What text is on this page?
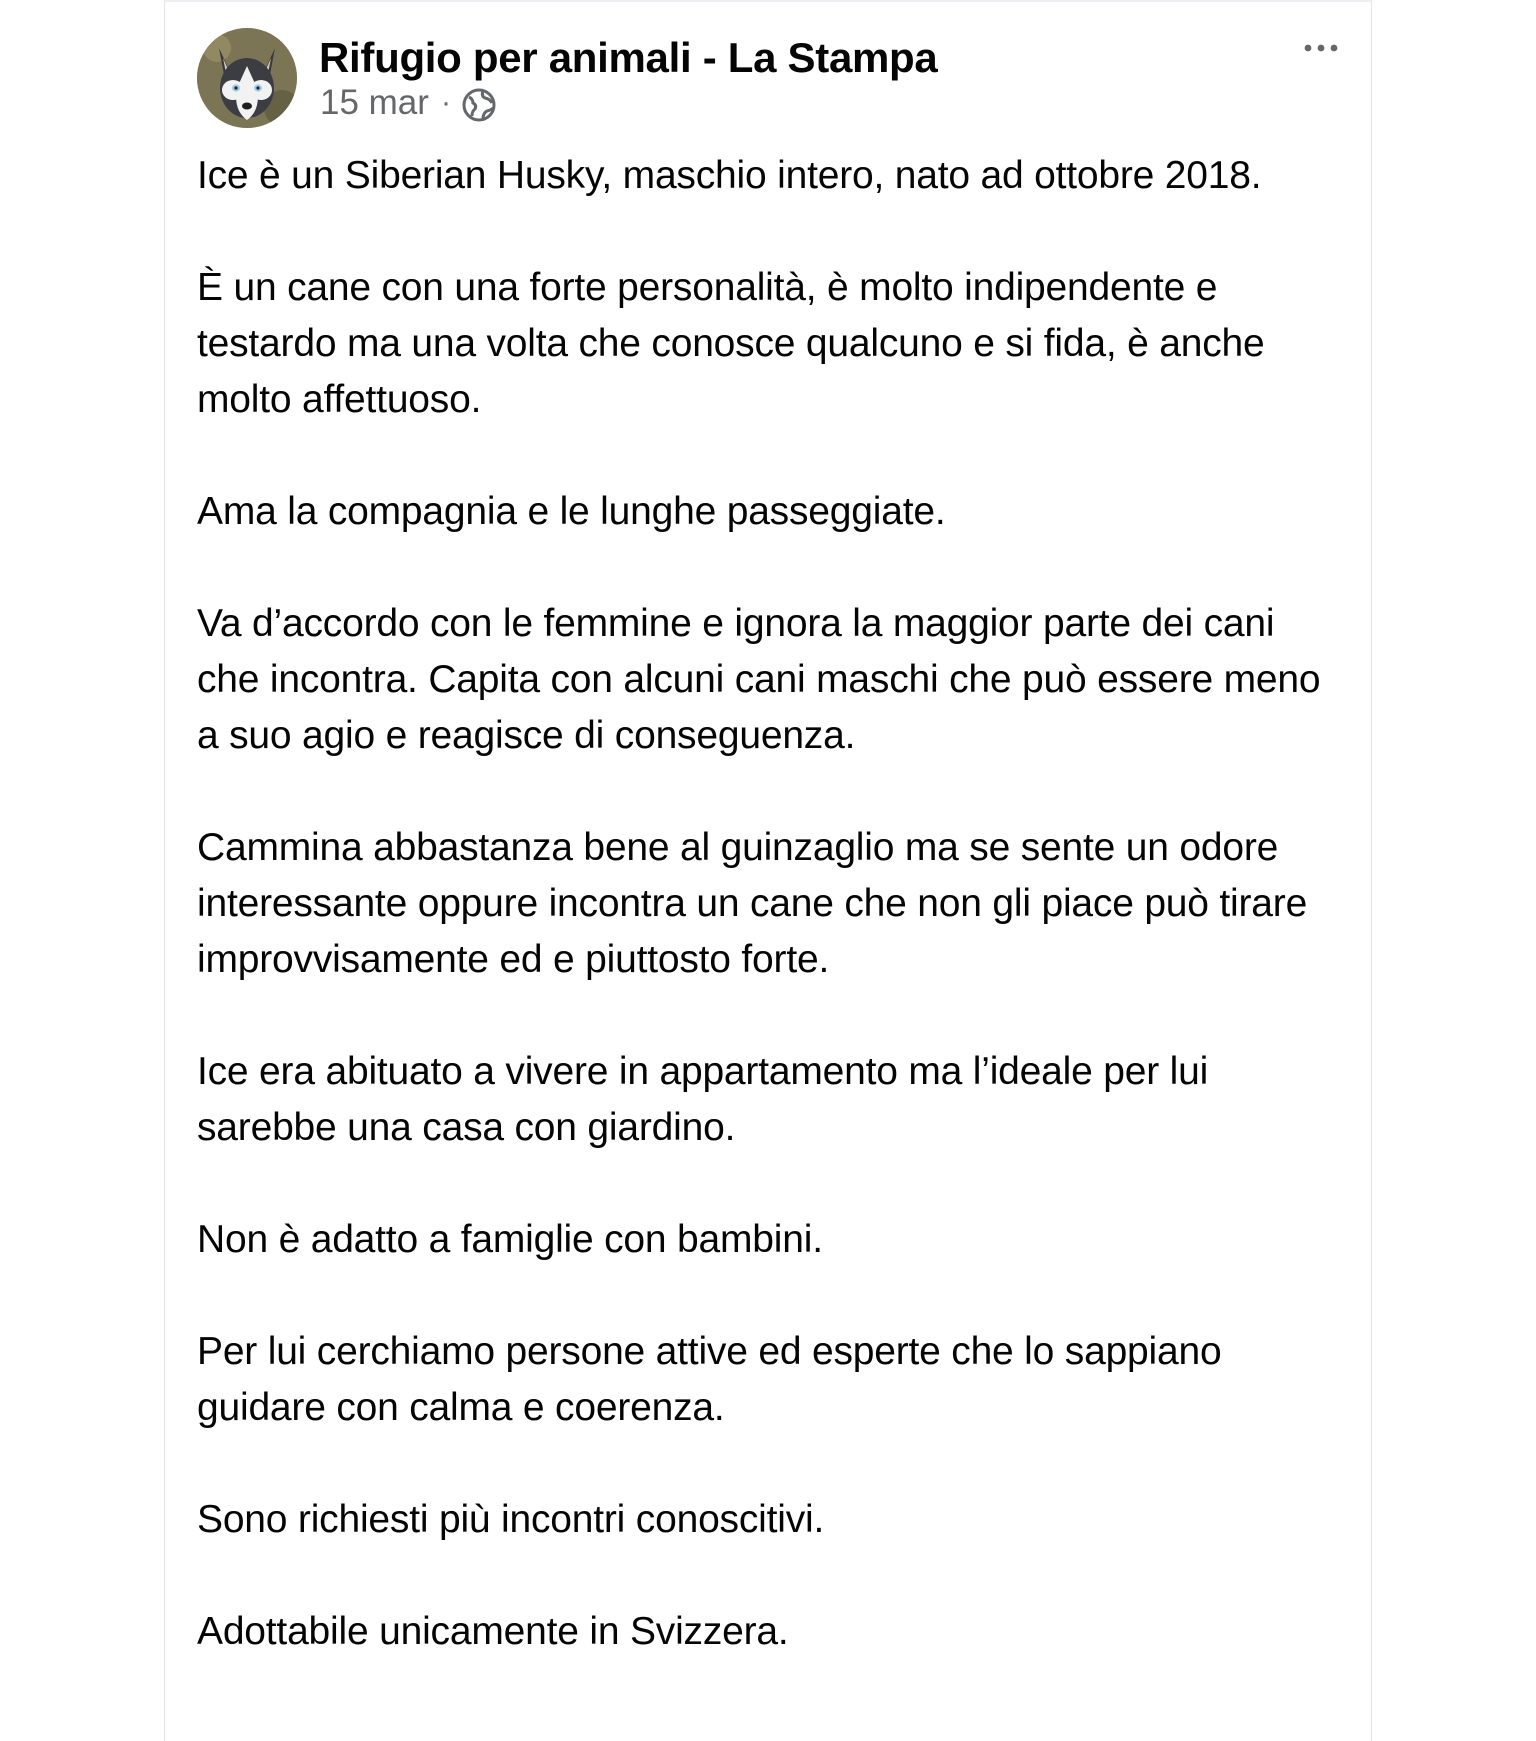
Rifugio per animali - La Stampa
15 mar ·

Ice è un Siberian Husky, maschio intero, nato ad ottobre 2018.

È un cane con una forte personalità, è molto indipendente e testardo ma una volta che conosce qualcuno e si fida, è anche molto affettuoso.

Ama la compagnia e le lunghe passeggiate.

Va d’accordo con le femmine e ignora la maggior parte dei cani che incontra. Capita con alcuni cani maschi che può essere meno a suo agio e reagisce di conseguenza.

Cammina abbastanza bene al guinzaglio ma se sente un odore interessante oppure incontra un cane che non gli piace può tirare improvvisamente ed e piuttosto forte.

Ice era abituato a vivere in appartamento ma l’ideale per lui sarebbe una casa con giardino.

Non è adatto a famiglie con bambini.

Per lui cerchiamo persone attive ed esperte che lo sappiano guidare con calma e coerenza.

Sono richiesti più incontri conoscitivi.

Adottabile unicamente in Svizzera.
